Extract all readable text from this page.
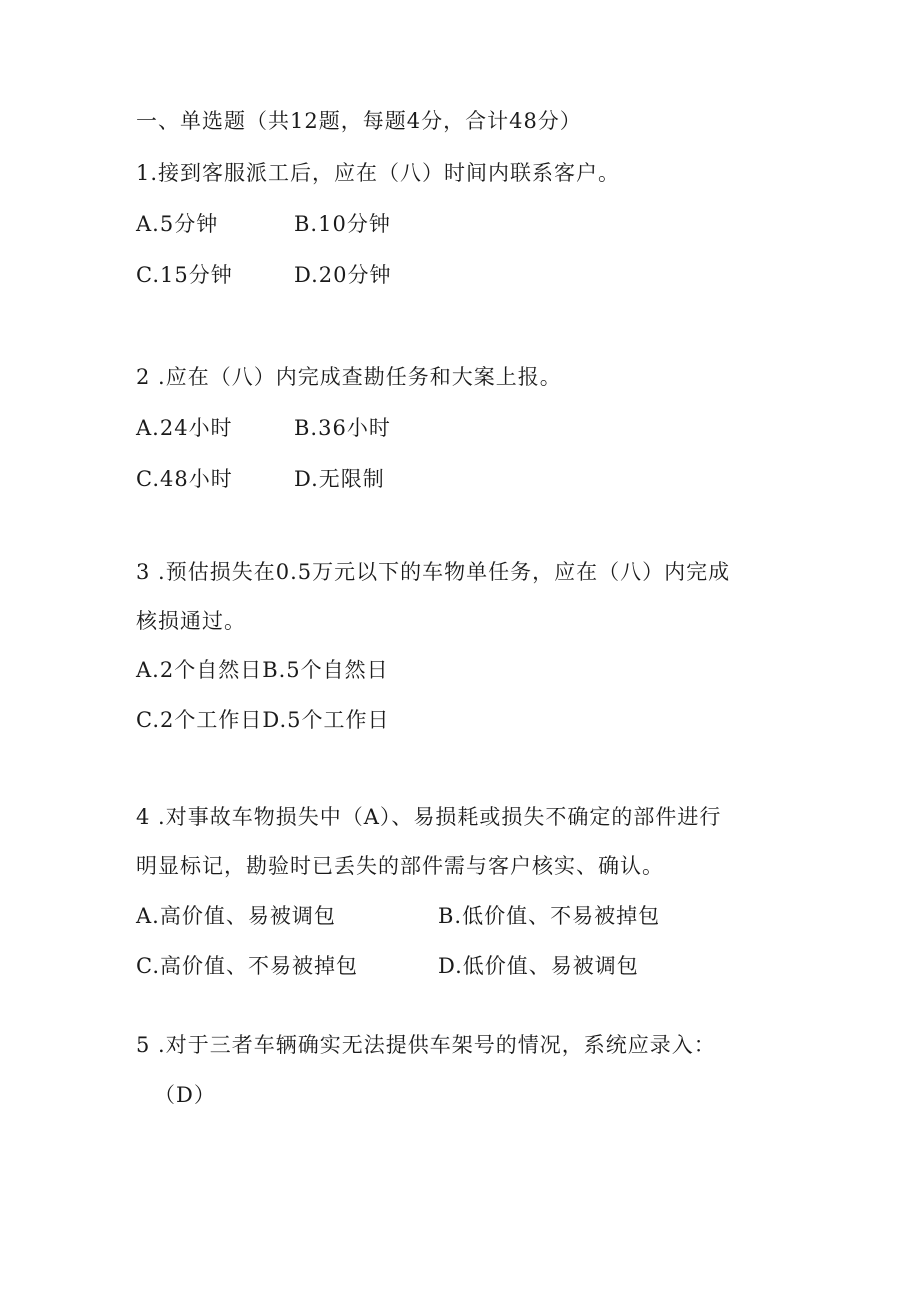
一、单选题（共12题，每题4分，合计48分）
1.接到客服派工后，应在（八）时间内联系客户。
A.5分钟	B.10分钟
C.15分钟	D.20分钟
2 .应在（八）内完成查勘任务和大案上报。
A.24小时	B.36小时
C.48小时	D.无限制
3 .预估损失在0.5万元以下的车物单任务，应在（八）内完成
核损通过。
A.2个自然日B.5个自然日
C.2个工作日D.5个工作日
4 .对事故车物损失中（A）、易损耗或损失不确定的部件进行
明显标记，勘验时已丢失的部件需与客户核实、确认。
A.高价值、易被调包	B.低价值、不易被掉包
C.高价值、不易被掉包	D.低价值、易被调包
5 .对于三者车辆确实无法提供车架号的情况，系统应录入：
（D）
